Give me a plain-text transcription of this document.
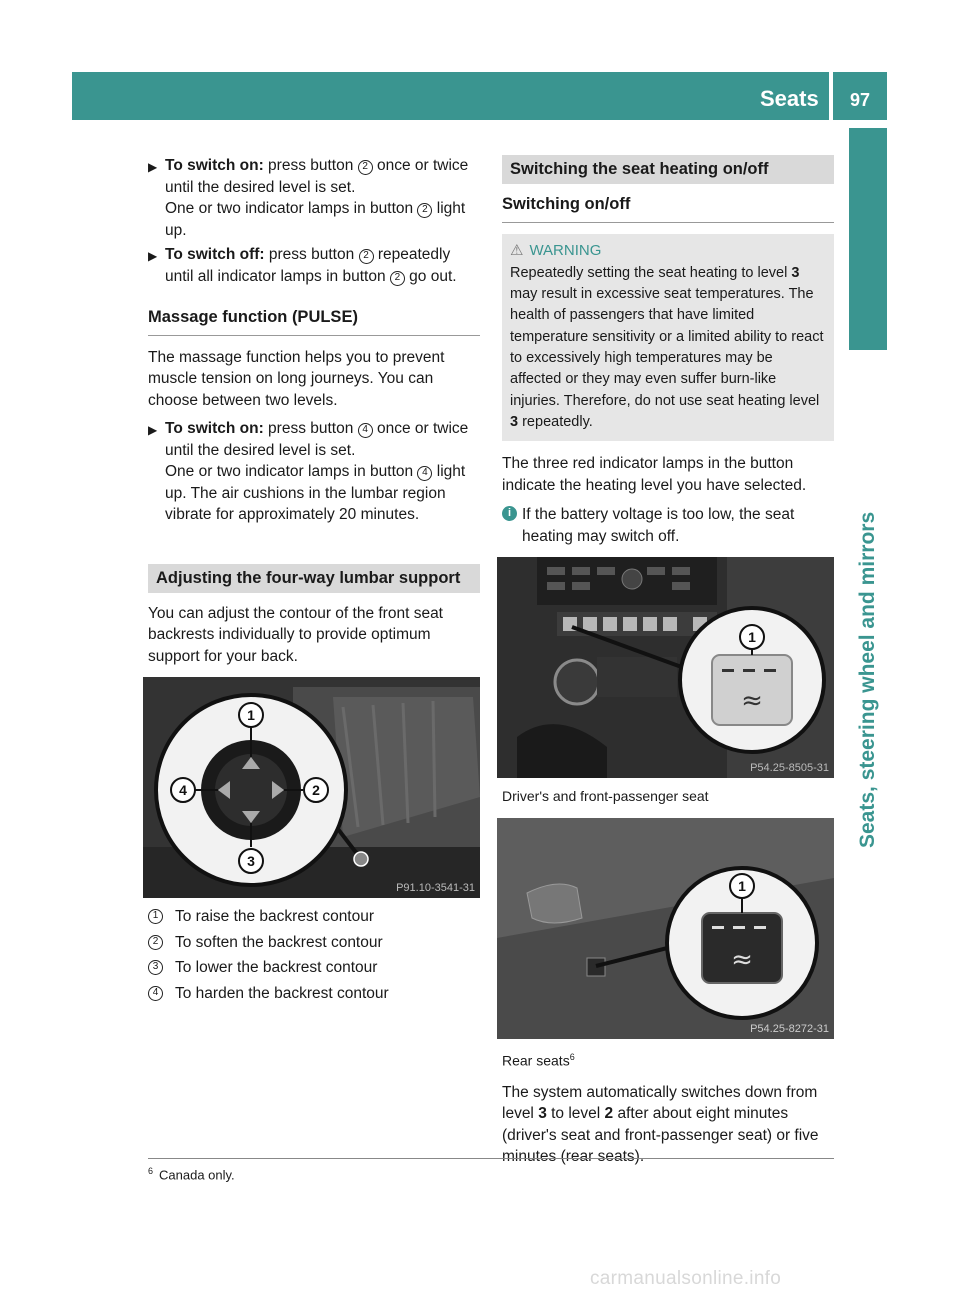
Seats 97
Seats, steering wheel and mirrors
▶ To switch on: press button 2 once or twice until the desired level is set.
One or two indicator lamps in button 2 light up.
▶ To switch off: press button 2 repeatedly until all indicator lamps in button 2 go out.
Massage function (PULSE)
The massage function helps you to prevent muscle tension on long journeys. You can choose between two levels.
▶ To switch on: press button 4 once or twice until the desired level is set.
One or two indicator lamps in button 4 light up. The air cushions in the lumbar region vibrate for approximately 20 minutes.
Adjusting the four-way lumbar support
You can adjust the contour of the front seat backrests individually to provide optimum support for your back.
1
2
3
4
P91.10-3541-31
1	To raise the backrest contour
2	To soften the backrest contour
3	To lower the backrest contour
4	To harden the backrest contour
Switching the seat heating on/off
Switching on/off
⚠ WARNING
Repeatedly setting the seat heating to level 3 may result in excessive seat temperatures. The health of passengers that have limited temperature sensitivity or a limited ability to react to excessively high temperatures may be affected or they may even suffer burn-like injuries. Therefore, do not use seat heating level 3 repeatedly.
The three red indicator lamps in the button indicate the heating level you have selected.
i If the battery voltage is too low, the seat heating may switch off.
≈
1
P54.25-8505-31
Driver's and front-passenger seat
≈
1
P54.25-8272-31
Rear seats$^6$
The system automatically switches down from level 3 to level 2 after about eight minutes (driver's seat and front-passenger seat) or five minutes (rear seats).
$^6$ Canada only.
carmanualsonline.info
